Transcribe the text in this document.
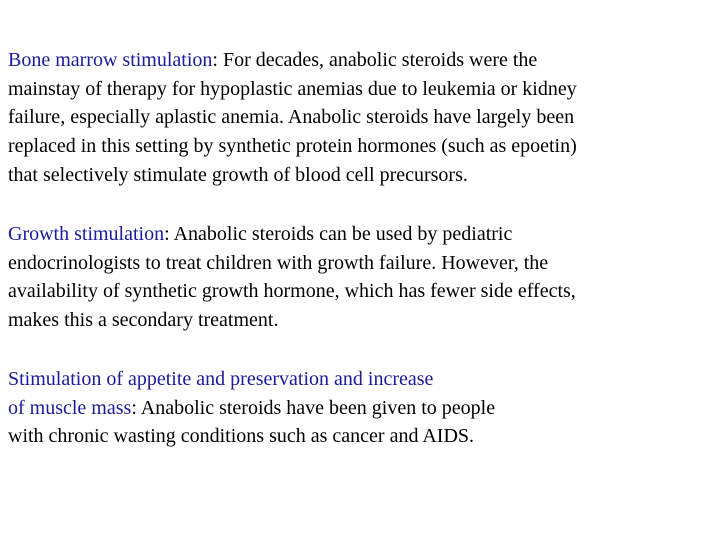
Bone marrow stimulation: For decades, anabolic steroids were the
mainstay of therapy for hypoplastic anemias due to leukemia or kidney
failure, especially aplastic anemia. Anabolic steroids have largely been
replaced in this setting by synthetic protein hormones (such as epoetin)
that selectively stimulate growth of blood cell precursors.

Growth stimulation: Anabolic steroids can be used by pediatric
endocrinologists to treat children with growth failure. However, the
availability of synthetic growth hormone, which has fewer side effects,
makes this a secondary treatment.

Stimulation of appetite and preservation and increase
of muscle mass: Anabolic steroids have been given to people
with chronic wasting conditions such as cancer and AIDS.
